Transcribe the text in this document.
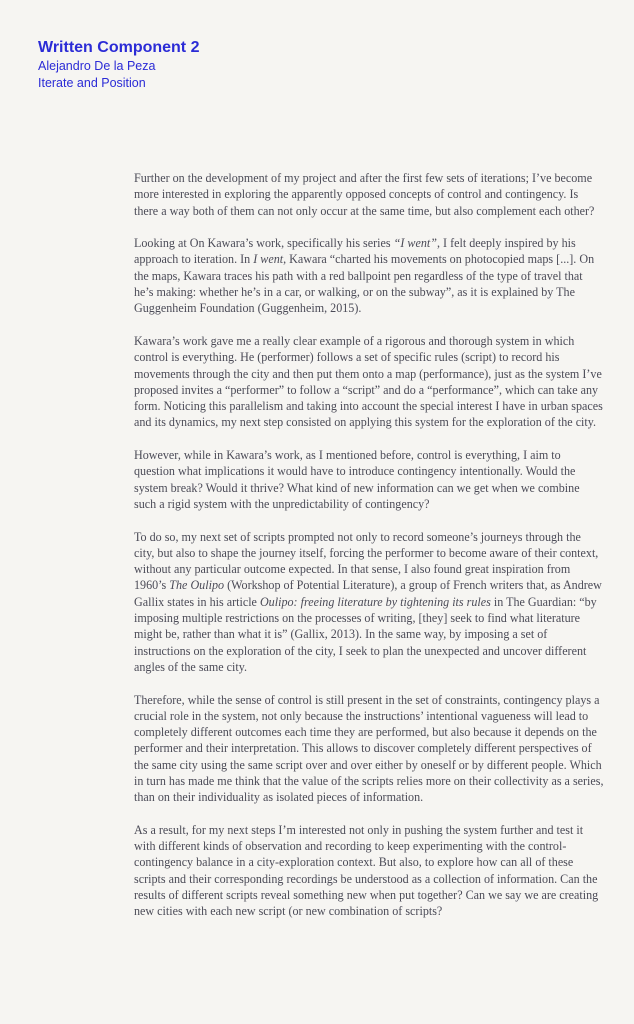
Written Component 2

Alejandro De la Peza

Iterate and Position

Further on the development of my project and after the first few sets of iterations; I’ve become more interested in exploring the apparently opposed concepts of control and contingency. Is there a way both of them can not only occur at the same time, but also complement each other?

Looking at On Kawara’s work, specifically his series “I went”, I felt deeply inspired by his approach to iteration. In I went, Kawara “charted his movements on photocopied maps [...]. On the maps, Kawara traces his path with a red ballpoint pen regardless of the type of travel that he’s making: whether he’s in a car, or walking, or on the subway”, as it is explained by The Guggenheim Foundation (Guggenheim, 2015).

Kawara’s work gave me a really clear example of a rigorous and thorough system in which control is everything. He (performer) follows a set of specific rules (script) to record his movements through the city and then put them onto a map (performance), just as the system I’ve proposed invites a “performer” to follow a “script” and do a “performance”, which can take any form. Noticing this parallelism and taking into account the special interest I have in urban spaces and its dynamics, my next step consisted on applying this system for the exploration of the city.

However, while in Kawara’s work, as I mentioned before, control is everything, I aim to question what implications it would have to introduce contingency intentionally. Would the system break? Would it thrive? What kind of new information can we get when we combine such a rigid system with the unpredictability of contingency?

To do so, my next set of scripts prompted not only to record someone’s journeys through the city, but also to shape the journey itself, forcing the performer to become aware of their context, without any particular outcome expected. In that sense, I also found great inspiration from 1960’s The Oulipo (Workshop of Potential Literature), a group of French writers that, as Andrew Gallix states in his article Oulipo: freeing literature by tightening its rules in The Guardian: “by imposing multiple restrictions on the processes of writing, [they] seek to find what literature might be, rather than what it is” (Gallix, 2013). In the same way, by imposing a set of instructions on the exploration of the city, I seek to plan the unexpected and uncover different angles of the same city.

Therefore, while the sense of control is still present in the set of constraints, contingency plays a crucial role in the system, not only because the instructions’ intentional vagueness will lead to completely different outcomes each time they are performed, but also because it depends on the performer and their interpretation. This allows to discover completely different perspectives of the same city using the same script over and over either by oneself or by different people. Which in turn has made me think that the value of the scripts relies more on their collectivity as a series, than on their individuality as isolated pieces of information.

As a result, for my next steps I’m interested not only in pushing the system further and test it with different kinds of observation and recording to keep experimenting with the control-contingency balance in a city-exploration context. But also, to explore how can all of these scripts and their corresponding recordings be understood as a collection of information. Can the results of different scripts reveal something new when put together? Can we say we are creating new cities with each new script (or new combination of scripts?
